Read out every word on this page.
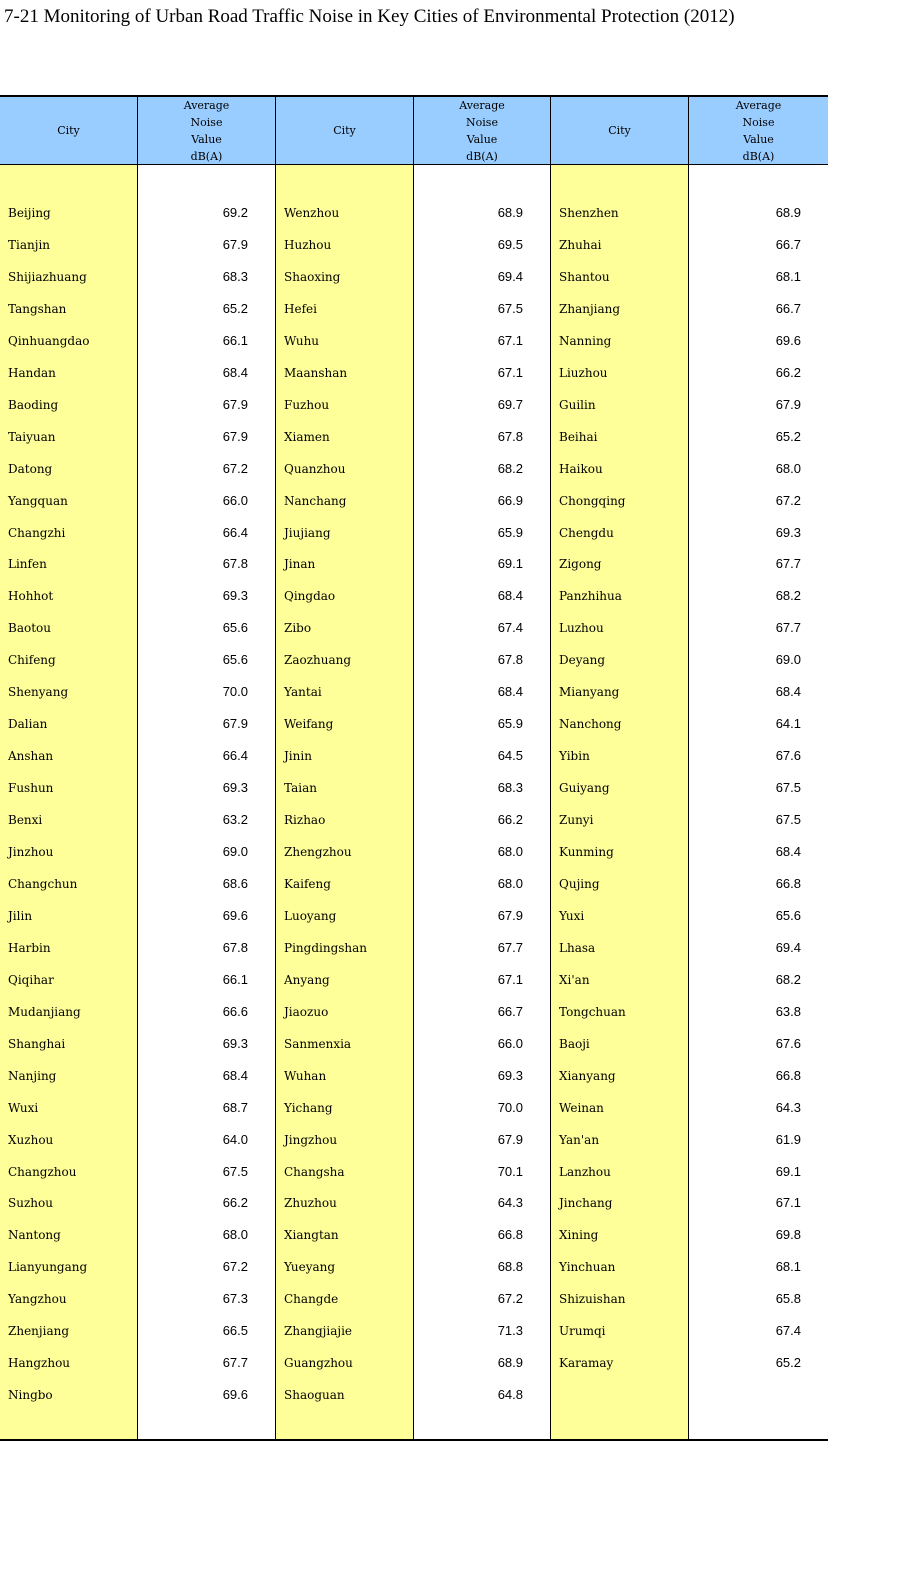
7-21 Monitoring of Urban Road Traffic Noise in Key Cities of Environmental Protection (2012)
City
Beijing
Tianjin
Shijiazhuang
Tangshan
Qinhuangdao
Handan
Baoding
Taiyuan
Datong
Yangquan
Changzhi
Linfen
Hohhot
Baotou
Chifeng
Shenyang
Dalian
Anshan
Fushun
Benxi
Jinzhou
Changchun
Jilin
Harbin
Qiqihar
Mudanjiang
Shanghai
Nanjing
Wuxi
Xuzhou
Changzhou
Suzhou
Nantong
Lianyungang
Yangzhou
Zhenjiang
Hangzhou
Ningbo
Average
Noise
Value
dB(A)
69.2
67.9
68.3
65.2
66.1
68.4
67.9
67.9
67.2
66.0
66.4
67.8
69.3
65.6
65.6
70.0
67.9
66.4
69.3
63.2
69.0
68.6
69.6
67.8
66.1
66.6
69.3
68.4
68.7
64.0
67.5
66.2
68.0
67.2
67.3
66.5
67.7
69.6
City
Wenzhou
Huzhou
Shaoxing
Hefei
Wuhu
Maanshan
Fuzhou
Xiamen
Quanzhou
Nanchang
Jiujiang
Jinan
Qingdao
Zibo
Zaozhuang
Yantai
Weifang
Jinin
Taian
Rizhao
Zhengzhou
Kaifeng
Luoyang
Pingdingshan
Anyang
Jiaozuo
Sanmenxia
Wuhan
Yichang
Jingzhou
Changsha
Zhuzhou
Xiangtan
Yueyang
Changde
Zhangjiajie
Guangzhou
Shaoguan
Average
Noise
Value
dB(A)
68.9
69.5
69.4
67.5
67.1
67.1
69.7
67.8
68.2
66.9
65.9
69.1
68.4
67.4
67.8
68.4
65.9
64.5
68.3
66.2
68.0
68.0
67.9
67.7
67.1
66.7
66.0
69.3
70.0
67.9
70.1
64.3
66.8
68.8
67.2
71.3
68.9
64.8
City
Shenzhen
Zhuhai
Shantou
Zhanjiang
Nanning
Liuzhou
Guilin
Beihai
Haikou
Chongqing
Chengdu
Zigong
Panzhihua
Luzhou
Deyang
Mianyang
Nanchong
Yibin
Guiyang
Zunyi
Kunming
Qujing
Yuxi
Lhasa
Xi'an
Tongchuan
Baoji
Xianyang
Weinan
Yan'an
Lanzhou
Jinchang
Xining
Yinchuan
Shizuishan
Urumqi
Karamay
Average
Noise
Value
dB(A)
68.9
66.7
68.1
66.7
69.6
66.2
67.9
65.2
68.0
67.2
69.3
67.7
68.2
67.7
69.0
68.4
64.1
67.6
67.5
67.5
68.4
66.8
65.6
69.4
68.2
63.8
67.6
66.8
64.3
61.9
69.1
67.1
69.8
68.1
65.8
67.4
65.2
